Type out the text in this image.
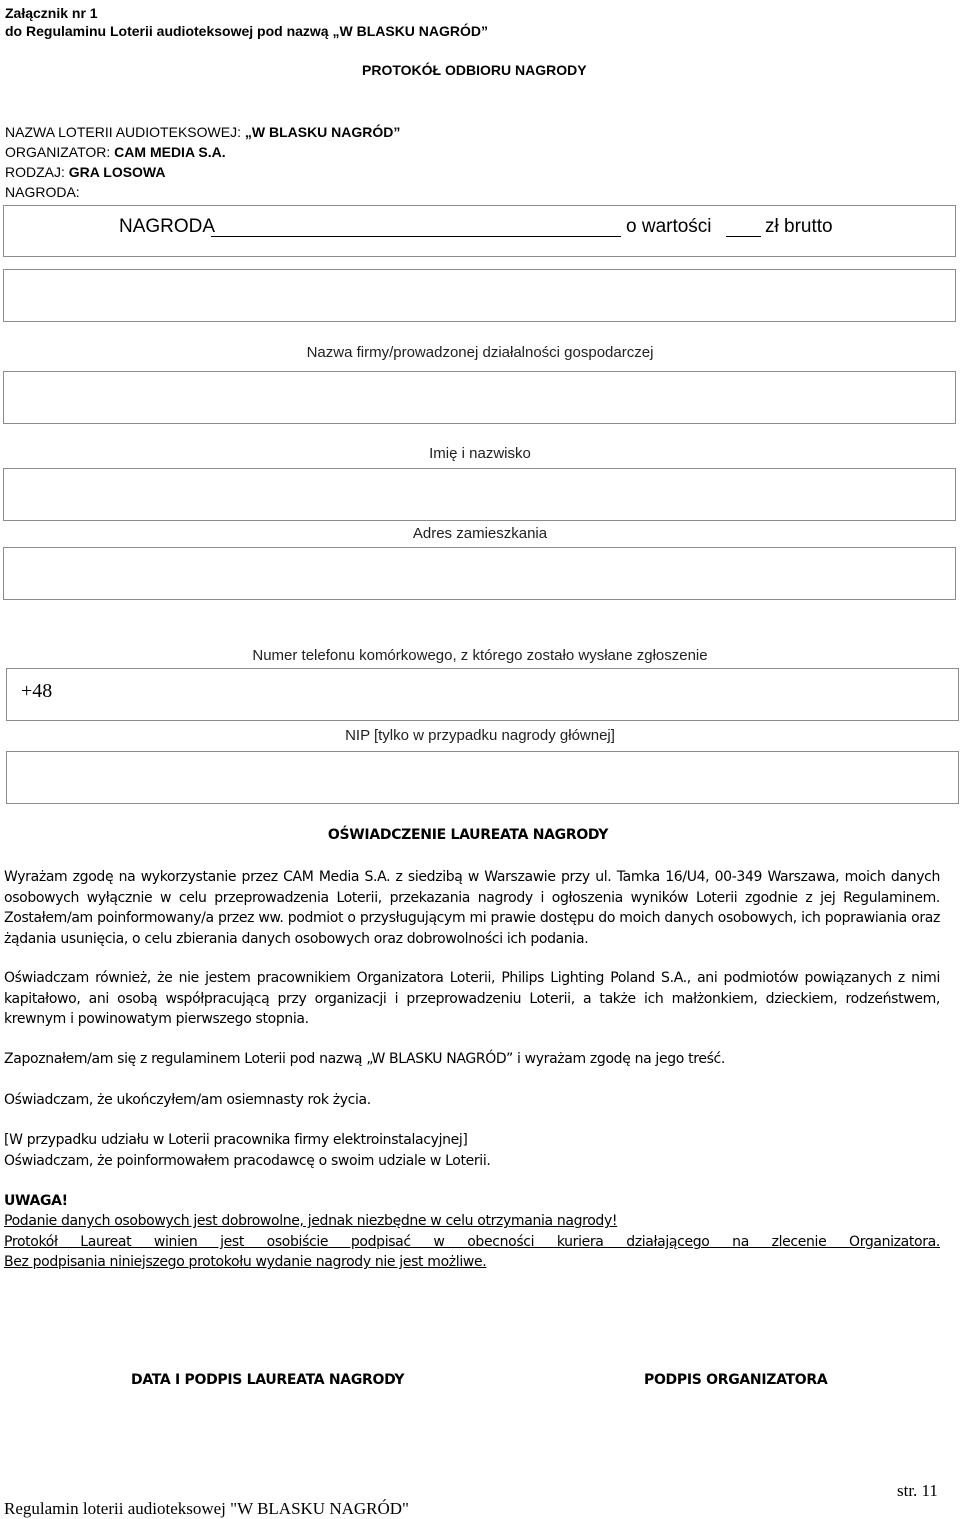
Załącznik nr 1
do Regulaminu Loterii audioteksowej pod nazwą „W BLASKU NAGRÓD”
PROTOKÓŁ ODBIORU NAGRODY
NAZWA LOTERII AUDIOTEKSOWEJ: „W BLASKU NAGRÓD”
ORGANIZATOR: CAM MEDIA S.A.
RODZAJ: GRA LOSOWA
NAGRODA:
NAGRODA	o wartości	zł brutto
Nazwa firmy/prowadzonej działalności gospodarczej
Imię i nazwisko
Adres zamieszkania
Numer telefonu komórkowego, z którego zostało wysłane zgłoszenie
+48
NIP [tylko w przypadku nagrody głównej]
OŚWIADCZENIE LAUREATA NAGRODY
Wyrażam zgodę na wykorzystanie przez CAM Media S.A. z siedzibą w Warszawie przy ul. Tamka 16/U4, 00-349 Warszawa, moich danych osobowych wyłącznie w celu przeprowadzenia Loterii, przekazania nagrody i ogłoszenia wyników Loterii zgodnie z jej Regulaminem. Zostałem/am poinformowany/a przez ww. podmiot o przysługującym mi prawie dostępu do moich danych osobowych, ich poprawiania oraz żądania usunięcia, o celu zbierania danych osobowych oraz dobrowolności ich podania.
Oświadczam również, że nie jestem pracownikiem Organizatora Loterii, Philips Lighting Poland S.A., ani podmiotów powiązanych z nimi kapitałowo, ani osobą współpracującą przy organizacji i przeprowadzeniu Loterii, a także ich małżonkiem, dzieckiem, rodzeństwem, krewnym i powinowatym pierwszego stopnia.
Zapoznałem/am się z regulaminem Loterii pod nazwą „W BLASKU NAGRÓD” i wyrażam zgodę na jego treść.
Oświadczam, że ukończyłem/am osiemnasty rok życia.
[W przypadku udziału w Loterii pracownika firmy elektroinstalacyjnej]
Oświadczam, że poinformowałem pracodawcę o swoim udziale w Loterii.
UWAGA!
Podanie danych osobowych jest dobrowolne, jednak niezbędne w celu otrzymania nagrody!
Protokół Laureat winien jest osobiście podpisać w obecności kuriera działającego na zlecenie Organizatora.
Bez podpisania niniejszego protokołu wydanie nagrody nie jest możliwe.
DATA I PODPIS LAUREATA NAGRODY	PODPIS ORGANIZATORA
str. 11
Regulamin loterii audioteksowej "W BLASKU NAGRÓD"
